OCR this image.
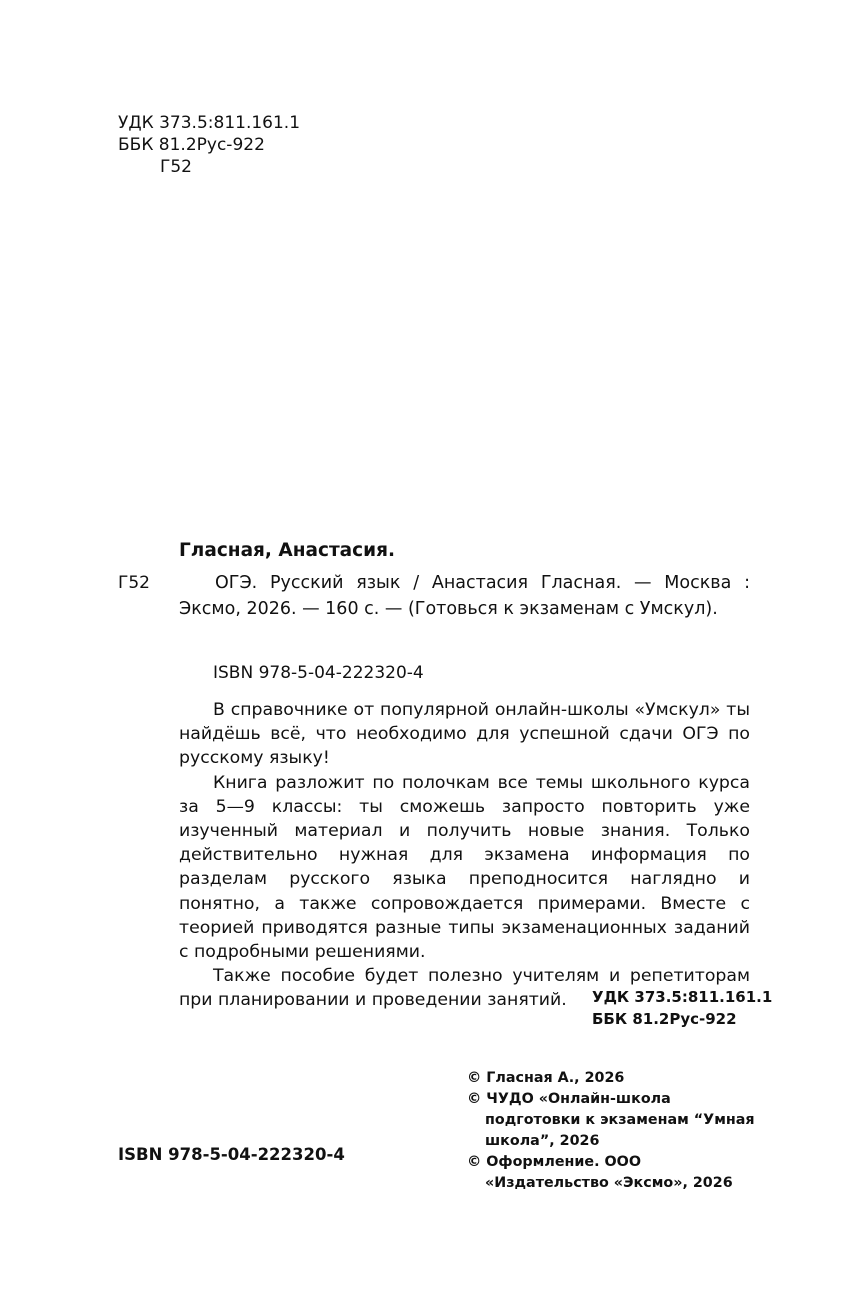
УДК 373.5:811.161.1
ББК 81.2Рус-922
Г52
Гласная, Анастасия.
Г52	ОГЭ. Русский язык / Анастасия Гласная. — Москва : Эксмо, 2026. — 160 с. — (Готовься к экзаменам с Умскул).
ISBN 978-5-04-222320-4

В справочнике от популярной онлайн-школы «Умскул» ты найдёшь всё, что необходимо для успешной сдачи ОГЭ по русскому языку!

Книга разложит по полочкам все темы школьного курса за 5—9 классы: ты сможешь запросто повторить уже изученный материал и получить новые знания. Только действительно нужная для экзамена информация по разделам русского языка преподносится наглядно и понятно, а также сопровождается примерами. Вместе с теорией приводятся разные типы экзаменационных заданий с подробными решениями.

Также пособие будет полезно учителям и репетиторам при планировании и проведении занятий.	УДК 373.5:811.161.1
ББК 81.2Рус-922
© Гласная А., 2026
© ЧУДО «Онлайн-школа подготовки к экзаменам “Умная школа”, 2026
© Оформление. ООО «Издательство «Эксмо», 2026
ISBN 978-5-04-222320-4
